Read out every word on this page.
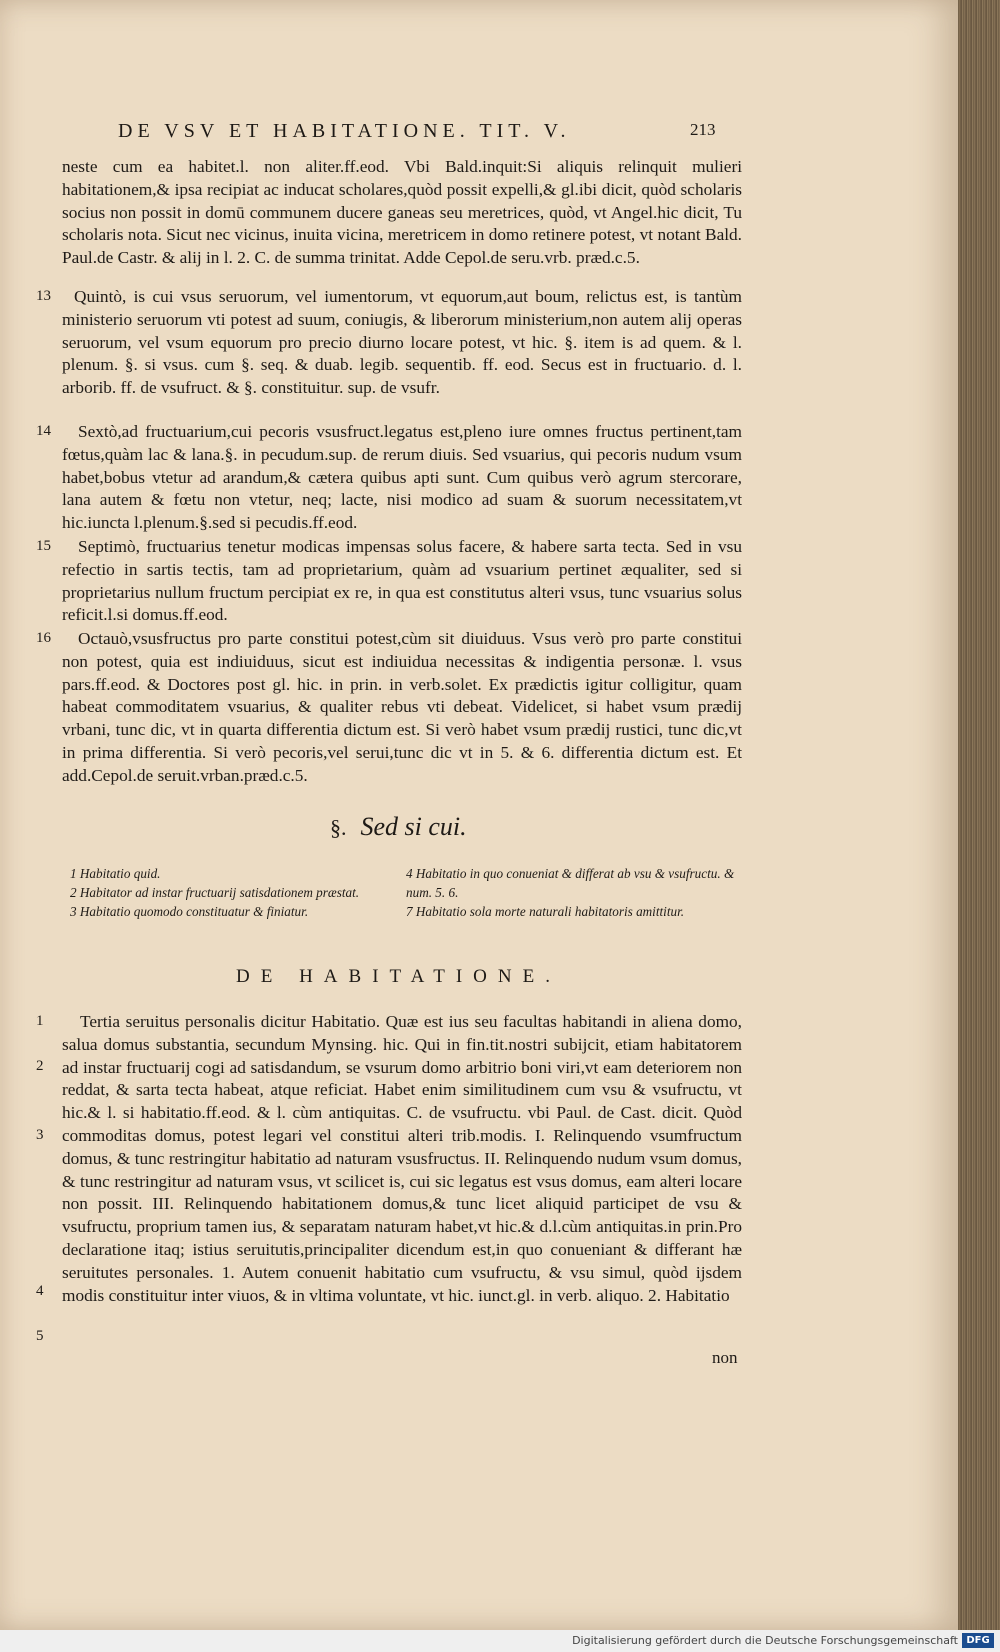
DE VSV ET HABITATIONE. TIT. V.	213
neste cum ea habitet.l. non aliter.ff.eod. Vbi Bald.inquit:Si aliquis relinquit mulieri habitationem,& ipsa recipiat ac inducat scholares,quòd possit expelli,& gl.ibi dicit, quòd scholaris socius non possit in domū communem ducere ganeas seu meretrices, quòd, vt Angel.hic dicit, Tu scholaris nota. Sicut nec vicinus, inuita vicina, meretricem in domo retinere potest, vt notant Bald. Paul.de Castr. & alij in l. 2. C. de summa trinitat. Adde Cepol.de seru.vrb. præd.c.5.
13	Quintò, is cui vsus seruorum, vel iumentorum, vt equorum,aut boum, relictus est, is tantùm ministerio seruorum vti potest ad suum, coniugis, & liberorum ministerium,non autem alij operas seruorum, vel vsum equorum pro precio diurno locare potest, vt hic. §. item is ad quem. & l. plenum. §. si vsus. cum §. seq. & duab. legib. sequentib. ff. eod. Secus est in fructuario. d. l. arborib. ff. de vsufruct. & §. constituitur. sup. de vsufr.
14	Sextò,ad fructuarium,cui pecoris vsusfruct.legatus est,pleno iure omnes fructus pertinent,tam fœtus,quàm lac & lana.§. in pecudum.sup. de rerum diuis. Sed vsuarius, qui pecoris nudum vsum habet,bobus vtetur ad arandum,& cætera quibus apti sunt. Cum quibus verò agrum stercorare, lana autem & fœtu non vtetur, neq; lacte, nisi modico ad suam & suorum necessitatem,vt hic.iuncta l.plenum.§.sed si pecudis.ff.eod.
15	Septimò, fructuarius tenetur modicas impensas solus facere, & habere sarta tecta. Sed in vsu refectio in sartis tectis, tam ad proprietarium, quàm ad vsuarium pertinet æqualiter, sed si proprietarius nullum fructum percipiat ex re, in qua est constitutus alteri vsus, tunc vsuarius solus reficit.l.si domus.ff.eod.
16	Octauò,vsusfructus pro parte constitui potest,cùm sit diuiduus. Vsus verò pro parte constitui non potest, quia est indiuiduus, sicut est indiuidua necessitas & indigentia personæ. l. vsus pars.ff.eod. & Doctores post gl. hic. in prin. in verb.solet. Ex prædictis igitur colligitur, quam habeat commoditatem vsuarius, & qualiter rebus vti debeat. Videlicet, si habet vsum prædij vrbani, tunc dic, vt in quarta differentia dictum est. Si verò habet vsum prædij rustici, tunc dic,vt in prima differentia. Si verò pecoris,vel serui,tunc dic vt in 5. & 6. differentia dictum est. Et add.Cepol.de seruit.vrban.præd.c.5.
§. Sed si cui.
1 Habitatio quid.
2 Habitator ad instar fructuarij satisdationem præstat.
3 Habitatio quomodo constituatur & finiatur.
4 Habitatio in quo conueniat & differat ab vsu & vsufructu. & num. 5. 6.
7 Habitatio sola morte naturali habitatoris amittitur.
DE HABITATIONE.
1
2
3
4
5
Tertia seruitus personalis dicitur Habitatio. Quæ est ius seu facultas habitandi in aliena domo, salua domus substantia, secundum Mynsing. hic. Qui in fin.tit.nostri subijcit, etiam habitatorem ad instar fructuarij cogi ad satisdandum, se vsurum domo arbitrio boni viri,vt eam deteriorem non reddat, & sarta tecta habeat, atque reficiat. Habet enim similitudinem cum vsu & vsufructu, vt hic.& l. si habitatio.ff.eod. & l. cùm antiquitas. C. de vsufructu. vbi Paul. de Cast. dicit. Quòd commoditas domus, potest legari vel constitui alteri trib.modis. I. Relinquendo vsumfructum domus, & tunc restringitur habitatio ad naturam vsusfructus. II. Relinquendo nudum vsum domus, & tunc restringitur ad naturam vsus, vt scilicet is, cui sic legatus est vsus domus, eam alteri locare non possit. III. Relinquendo habitationem domus,& tunc licet aliquid participet de vsu & vsufructu, proprium tamen ius, & separatam naturam habet,vt hic.& d.l.cùm antiquitas.in prin.Pro declaratione itaq; istius seruitutis,principaliter dicendum est,in quo conueniant & differant hæ seruitutes personales. 1. Autem conuenit habitatio cum vsufructu, & vsu simul, quòd ijsdem modis constituitur inter viuos, & in vltima voluntate, vt hic. iunct.gl. in verb. aliquo. 2. Habitatio
non
Digitalisierung gefördert durch die Deutsche Forschungsgemeinschaft DFG
